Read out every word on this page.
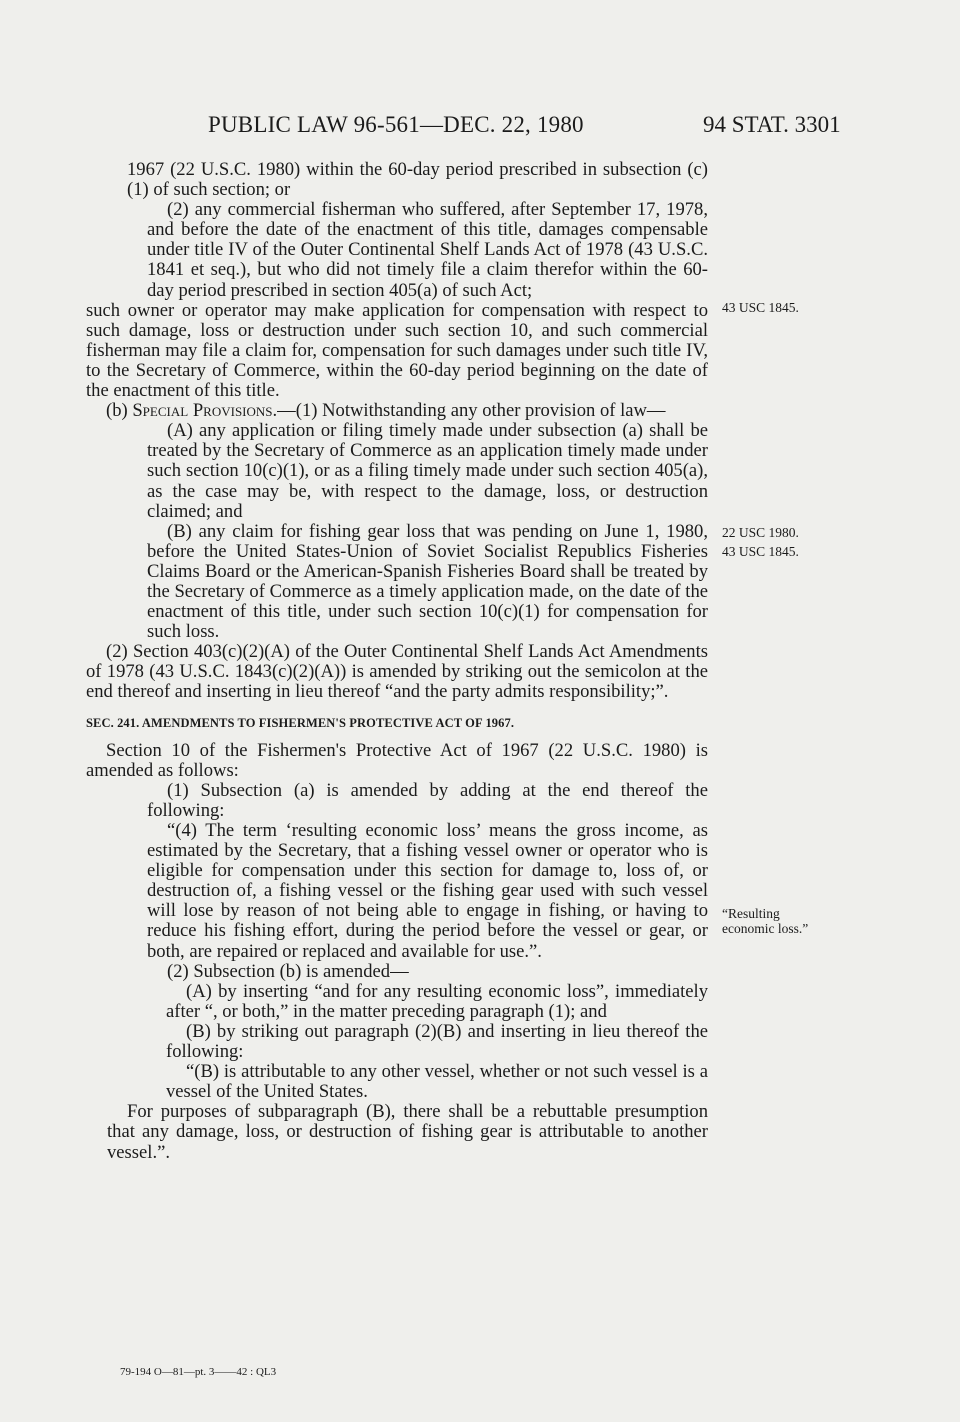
PUBLIC LAW 96-561—DEC. 22, 1980	94 STAT. 3301

1967 (22 U.S.C. 1980) within the 60-day period prescribed in subsection (c)(1) of such section; or

(2) any commercial fisherman who suffered, after September 17, 1978, and before the date of the enactment of this title, damages compensable under title IV of the Outer Continental Shelf Lands Act of 1978 (43 U.S.C. 1841 et seq.), but who did not timely file a claim therefor within the 60-day period prescribed in section 405(a) of such Act;

such owner or operator may make application for compensation with respect to such damage, loss or destruction under such section 10, and such commercial fisherman may file a claim for, compensation for such damages under such title IV, to the Secretary of Commerce, within the 60-day period beginning on the date of the enactment of this title.

(b) Special Provisions.—(1) Notwithstanding any other provision of law—

(A) any application or filing timely made under subsection (a) shall be treated by the Secretary of Commerce as an application timely made under such section 10(c)(1), or as a filing timely made under such section 405(a), as the case may be, with respect to the damage, loss, or destruction claimed; and

(B) any claim for fishing gear loss that was pending on June 1, 1980, before the United States-Union of Soviet Socialist Republics Fisheries Claims Board or the American-Spanish Fisheries Board shall be treated by the Secretary of Commerce as a timely application made, on the date of the enactment of this title, under such section 10(c)(1) for compensation for such loss.

(2) Section 403(c)(2)(A) of the Outer Continental Shelf Lands Act Amendments of 1978 (43 U.S.C. 1843(c)(2)(A)) is amended by striking out the semicolon at the end thereof and inserting in lieu thereof “and the party admits responsibility;”.

SEC. 241. AMENDMENTS TO FISHERMEN'S PROTECTIVE ACT OF 1967.

Section 10 of the Fishermen's Protective Act of 1967 (22 U.S.C. 1980) is amended as follows:

(1) Subsection (a) is amended by adding at the end thereof the following:

“(4) The term ‘resulting economic loss’ means the gross income, as estimated by the Secretary, that a fishing vessel owner or operator who is eligible for compensation under this section for damage to, loss of, or destruction of, a fishing vessel or the fishing gear used with such vessel will lose by reason of not being able to engage in fishing, or having to reduce his fishing effort, during the period before the vessel or gear, or both, are repaired or replaced and available for use.”.

(2) Subsection (b) is amended—

(A) by inserting “and for any resulting economic loss”, immediately after “, or both,” in the matter preceding paragraph (1); and

(B) by striking out paragraph (2)(B) and inserting in lieu thereof the following:

“(B) is attributable to any other vessel, whether or not such vessel is a vessel of the United States.

For purposes of subparagraph (B), there shall be a rebuttable presumption that any damage, loss, or destruction of fishing gear is attributable to another vessel.”.

43 USC 1845.
22 USC 1980.
43 USC 1845.
“Resulting
economic loss.”
79-194 O—81—pt. 3——42 : QL3
